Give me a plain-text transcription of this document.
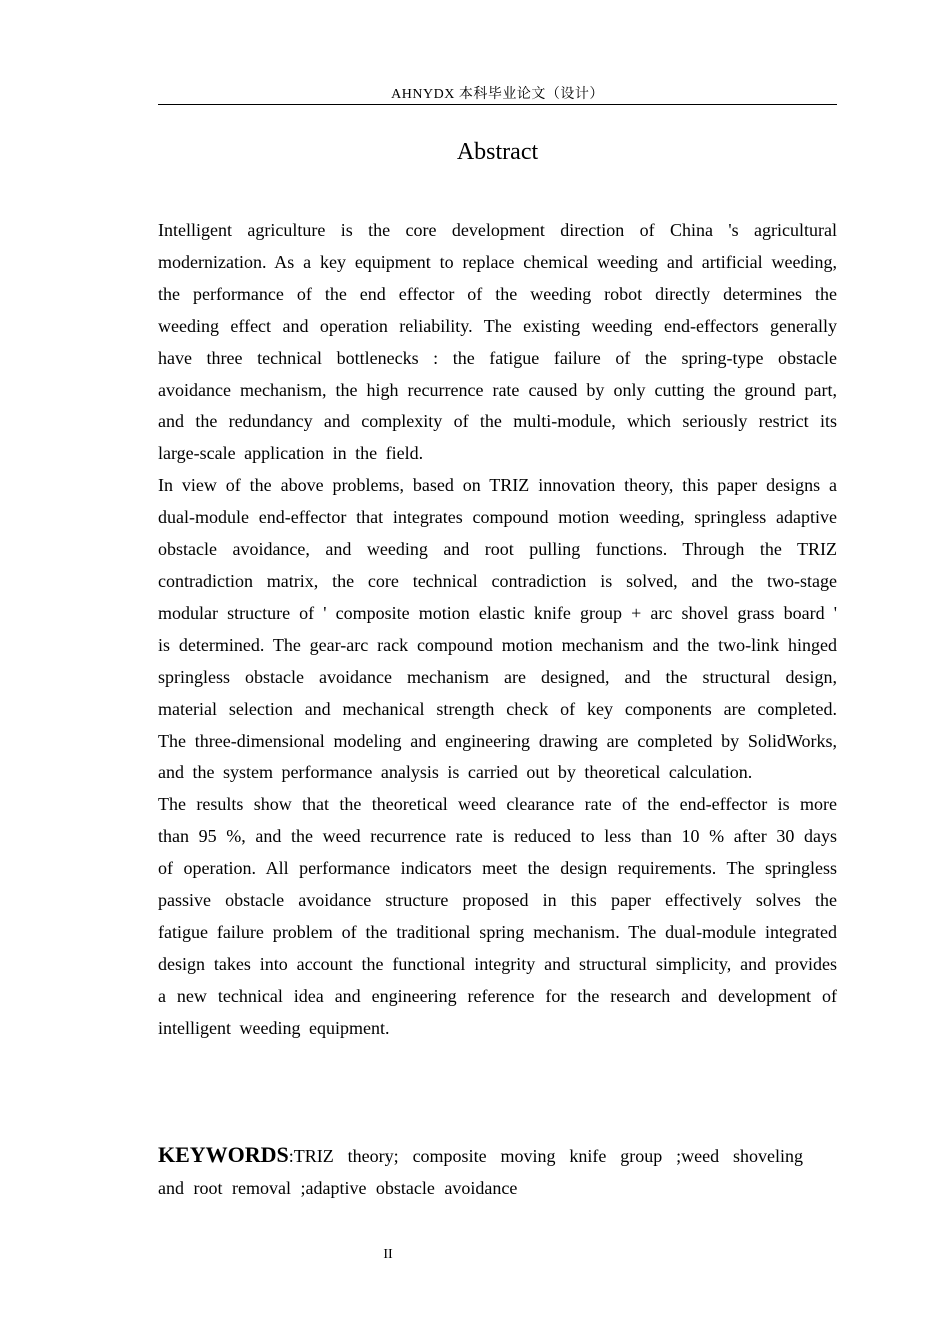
AHNYDX 本科毕业论文（设计）
Abstract

Intelligent agriculture is the core development direction of China 's agricultural modernization. As a key equipment to replace chemical weeding and artificial weeding, the performance of the end effector of the weeding robot directly determines the weeding effect and operation reliability. The existing weeding end-effectors generally have three technical bottlenecks : the fatigue failure of the spring-type obstacle avoidance mechanism, the high recurrence rate caused by only cutting the ground part, and the redundancy and complexity of the multi-module, which seriously restrict its large-scale application in the field.

In view of the above problems, based on TRIZ innovation theory, this paper designs a dual-module end-effector that integrates compound motion weeding, springless adaptive obstacle avoidance, and weeding and root pulling functions. Through the TRIZ contradiction matrix, the core technical contradiction is solved, and the two-stage modular structure of ' composite motion elastic knife group + arc shovel grass board ' is determined. The gear-arc rack compound motion mechanism and the two-link hinged springless obstacle avoidance mechanism are designed, and the structural design, material selection and mechanical strength check of key components are completed. The three-dimensional modeling and engineering drawing are completed by SolidWorks, and the system performance analysis is carried out by theoretical calculation.

The results show that the theoretical weed clearance rate of the end-effector is more than 95 %, and the weed recurrence rate is reduced to less than 10 % after 30 days of operation. All performance indicators meet the design requirements. The springless passive obstacle avoidance structure proposed in this paper effectively solves the fatigue failure problem of the traditional spring mechanism. The dual-module integrated design takes into account the functional integrity and structural simplicity, and provides a new technical idea and engineering reference for the research and development of intelligent weeding equipment.

KEYWORDS:TRIZ theory; composite moving knife group ;weed shoveling and root removal ;adaptive obstacle avoidance
II
